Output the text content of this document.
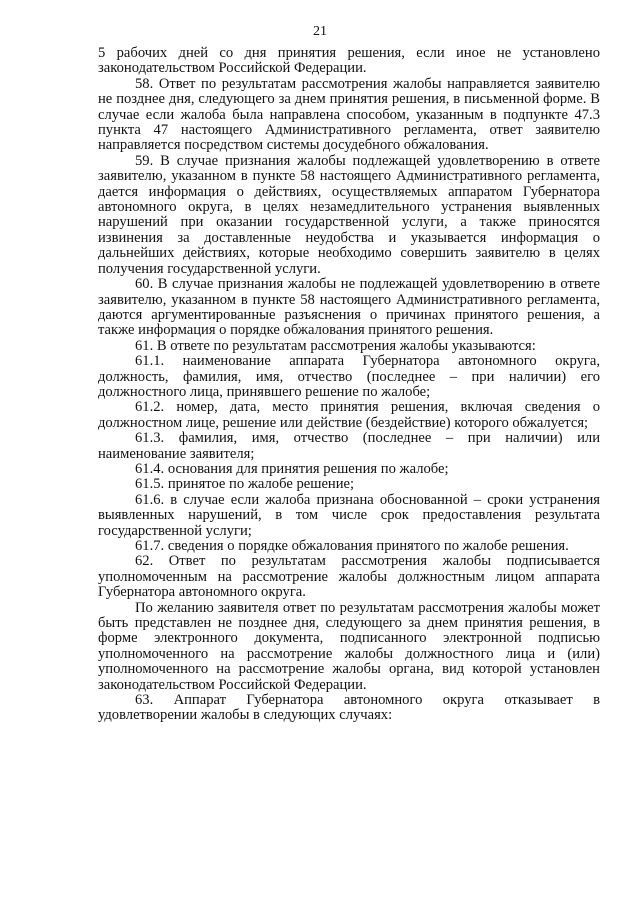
21

5 рабочих дней со дня принятия решения, если иное не установлено законодательством Российской Федерации.

58. Ответ по результатам рассмотрения жалобы направляется заявителю не позднее дня, следующего за днем принятия решения, в письменной форме. В случае если жалоба была направлена способом, указанным в подпункте 47.3 пункта 47 настоящего Административного регламента, ответ заявителю направляется посредством системы досудебного обжалования.

59. В случае признания жалобы подлежащей удовлетворению в ответе заявителю, указанном в пункте 58 настоящего Административного регламента, дается информация о действиях, осуществляемых аппаратом Губернатора автономного округа, в целях незамедлительного устранения выявленных нарушений при оказании государственной услуги, а также приносятся извинения за доставленные неудобства и указывается информация о дальнейших действиях, которые необходимо совершить заявителю в целях получения государственной услуги.

60. В случае признания жалобы не подлежащей удовлетворению в ответе заявителю, указанном в пункте 58 настоящего Административного регламента, даются аргументированные разъяснения о причинах принятого решения, а также информация о порядке обжалования принятого решения.

61. В ответе по результатам рассмотрения жалобы указываются:

61.1. наименование аппарата Губернатора автономного округа, должность, фамилия, имя, отчество (последнее – при наличии) его должностного лица, принявшего решение по жалобе;

61.2. номер, дата, место принятия решения, включая сведения о должностном лице, решение или действие (бездействие) которого обжалуется;

61.3. фамилия, имя, отчество (последнее – при наличии) или наименование заявителя;

61.4. основания для принятия решения по жалобе;

61.5. принятое по жалобе решение;

61.6. в случае если жалоба признана обоснованной – сроки устранения выявленных нарушений, в том числе срок предоставления результата государственной услуги;

61.7. сведения о порядке обжалования принятого по жалобе решения.

62. Ответ по результатам рассмотрения жалобы подписывается уполномоченным на рассмотрение жалобы должностным лицом аппарата Губернатора автономного округа.

По желанию заявителя ответ по результатам рассмотрения жалобы может быть представлен не позднее дня, следующего за днем принятия решения, в форме электронного документа, подписанного электронной подписью уполномоченного на рассмотрение жалобы должностного лица и (или) уполномоченного на рассмотрение жалобы органа, вид которой установлен законодательством Российской Федерации.

63. Аппарат Губернатора автономного округа отказывает в удовлетворении жалобы в следующих случаях:
